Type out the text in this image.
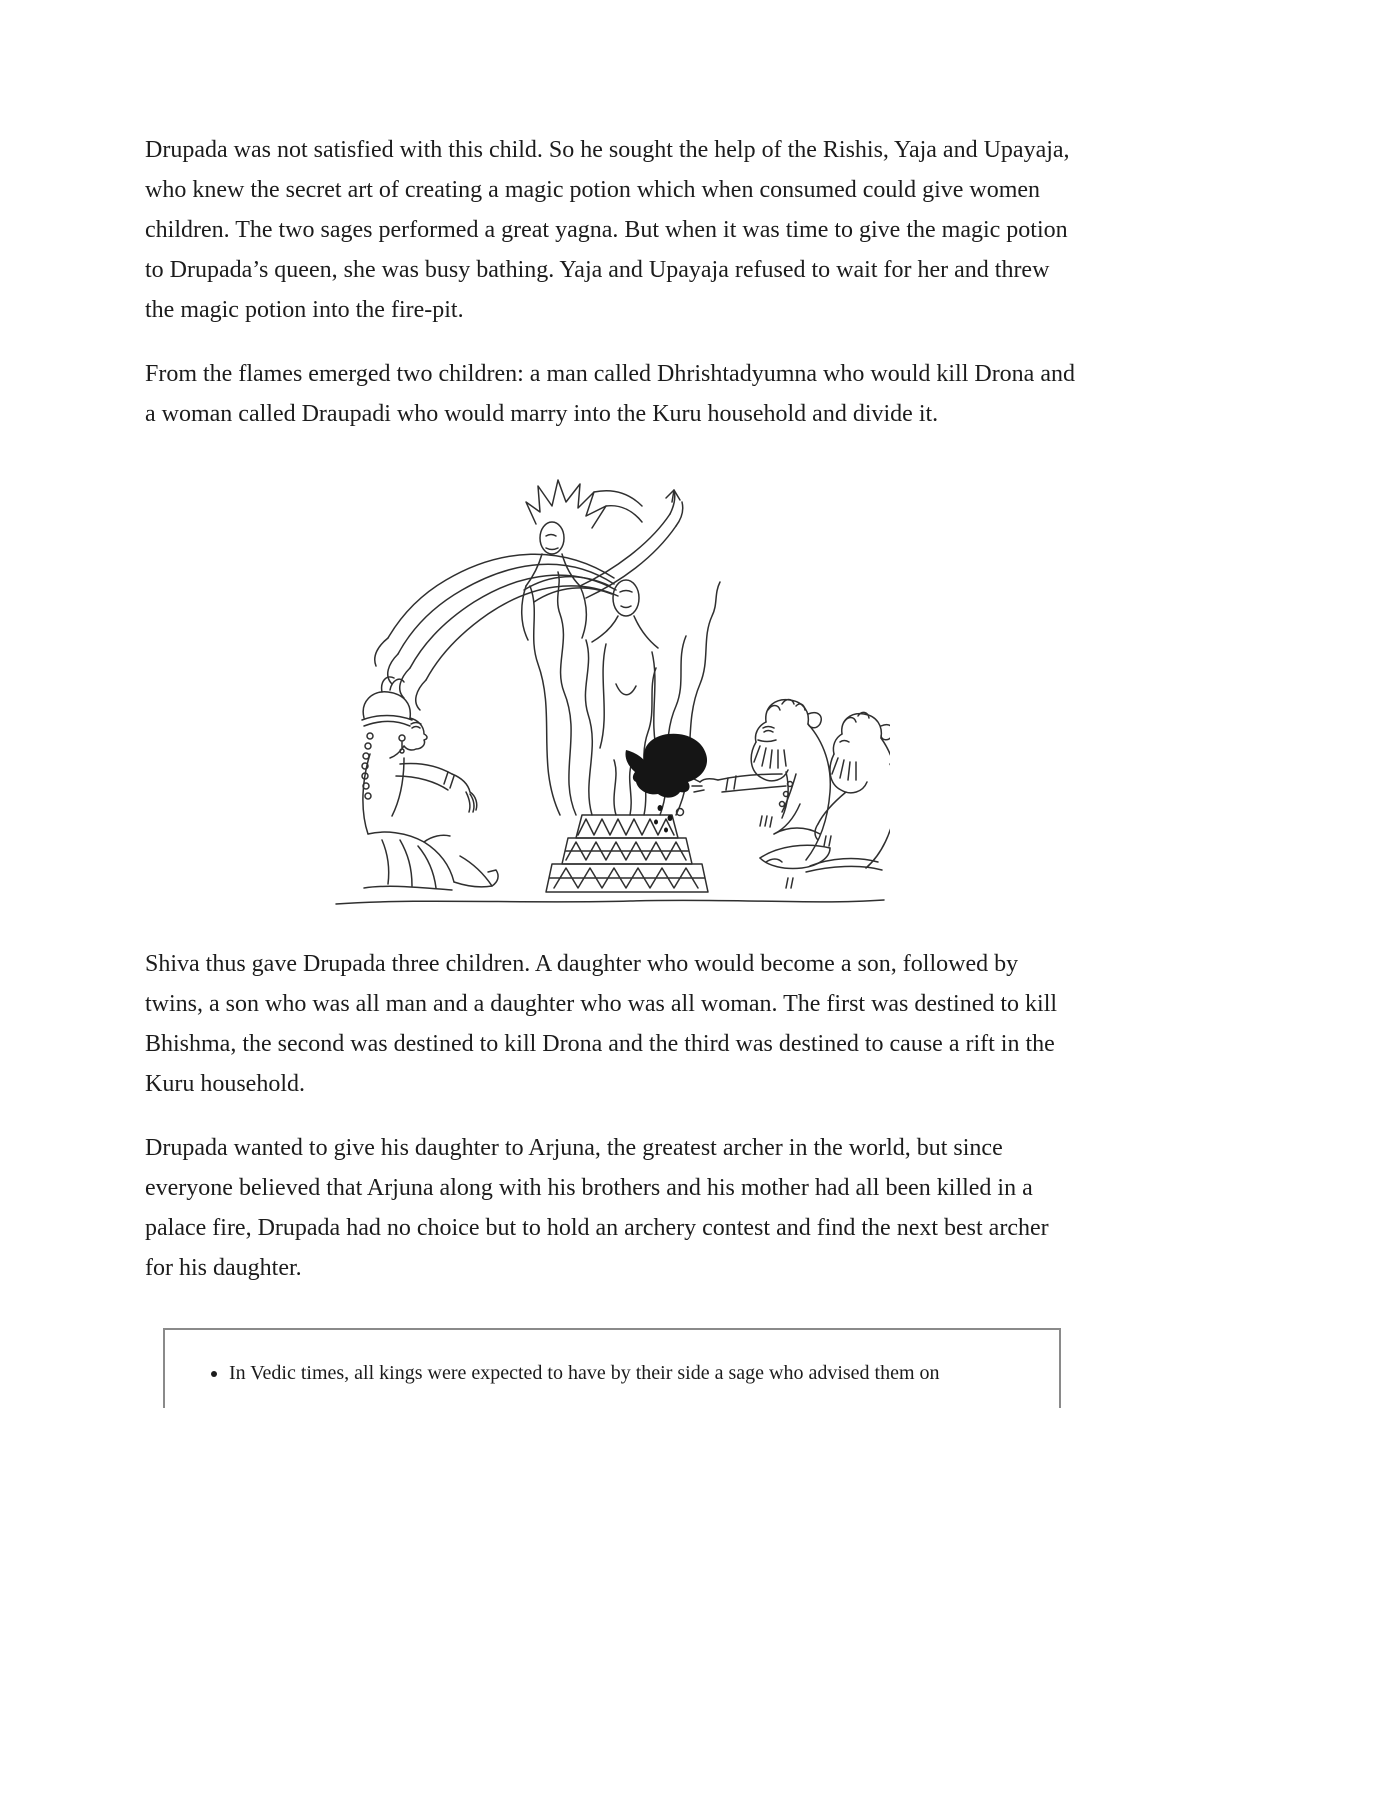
Drupada was not satisfied with this child. So he sought the help of the Rishis, Yaja and Upayaja, who knew the secret art of creating a magic potion which when consumed could give women children. The two sages performed a great yagna. But when it was time to give the magic potion to Drupada’s queen, she was busy bathing. Yaja and Upayaja refused to wait for her and threw the magic potion into the fire-pit.

From the flames emerged two children: a man called Dhrishtadyumna who would kill Drona and a woman called Draupadi who would marry into the Kuru household and divide it.

Shiva thus gave Drupada three children. A daughter who would become a son, followed by twins, a son who was all man and a daughter who was all woman. The first was destined to kill Bhishma, the second was destined to kill Drona and the third was destined to cause a rift in the Kuru household.

Drupada wanted to give his daughter to Arjuna, the greatest archer in the world, but since everyone believed that Arjuna along with his brothers and his mother had all been killed in a palace fire, Drupada had no choice but to hold an archery contest and find the next best archer for his daughter.

• In Vedic times, all kings were expected to have by their side a sage who advised them on
